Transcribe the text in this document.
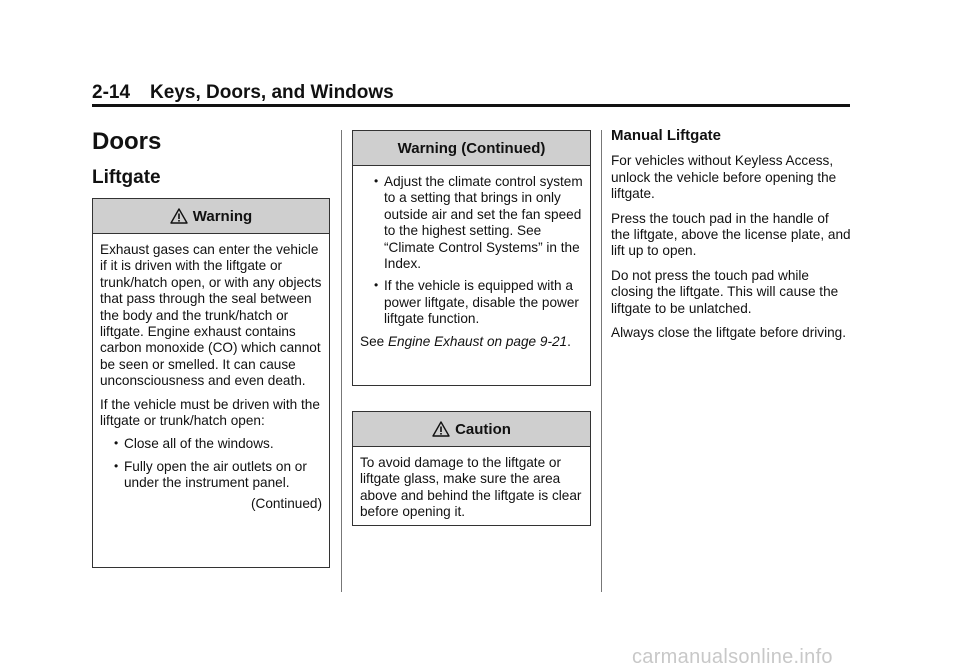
2-14 Keys, Doors, and Windows
Doors
Liftgate
Warning

Exhaust gases can enter the vehicle if it is driven with the liftgate or trunk/hatch open, or with any objects that pass through the seal between the body and the trunk/hatch or liftgate. Engine exhaust contains carbon monoxide (CO) which cannot be seen or smelled. It can cause unconsciousness and even death.

If the vehicle must be driven with the liftgate or trunk/hatch open:

• Close all of the windows.
• Fully open the air outlets on or under the instrument panel.
(Continued)
Warning (Continued)
• Adjust the climate control system to a setting that brings in only outside air and set the fan speed to the highest setting. See “Climate Control Systems” in the Index.
• If the vehicle is equipped with a power liftgate, disable the power liftgate function.

See Engine Exhaust on page 9-21.

Caution

To avoid damage to the liftgate or liftgate glass, make sure the area above and behind the liftgate is clear before opening it.

Manual Liftgate

For vehicles without Keyless Access, unlock the vehicle before opening the liftgate.

Press the touch pad in the handle of the liftgate, above the license plate, and lift up to open.

Do not press the touch pad while closing the liftgate. This will cause the liftgate to be unlatched.

Always close the liftgate before driving.

carmanualsonline.info
